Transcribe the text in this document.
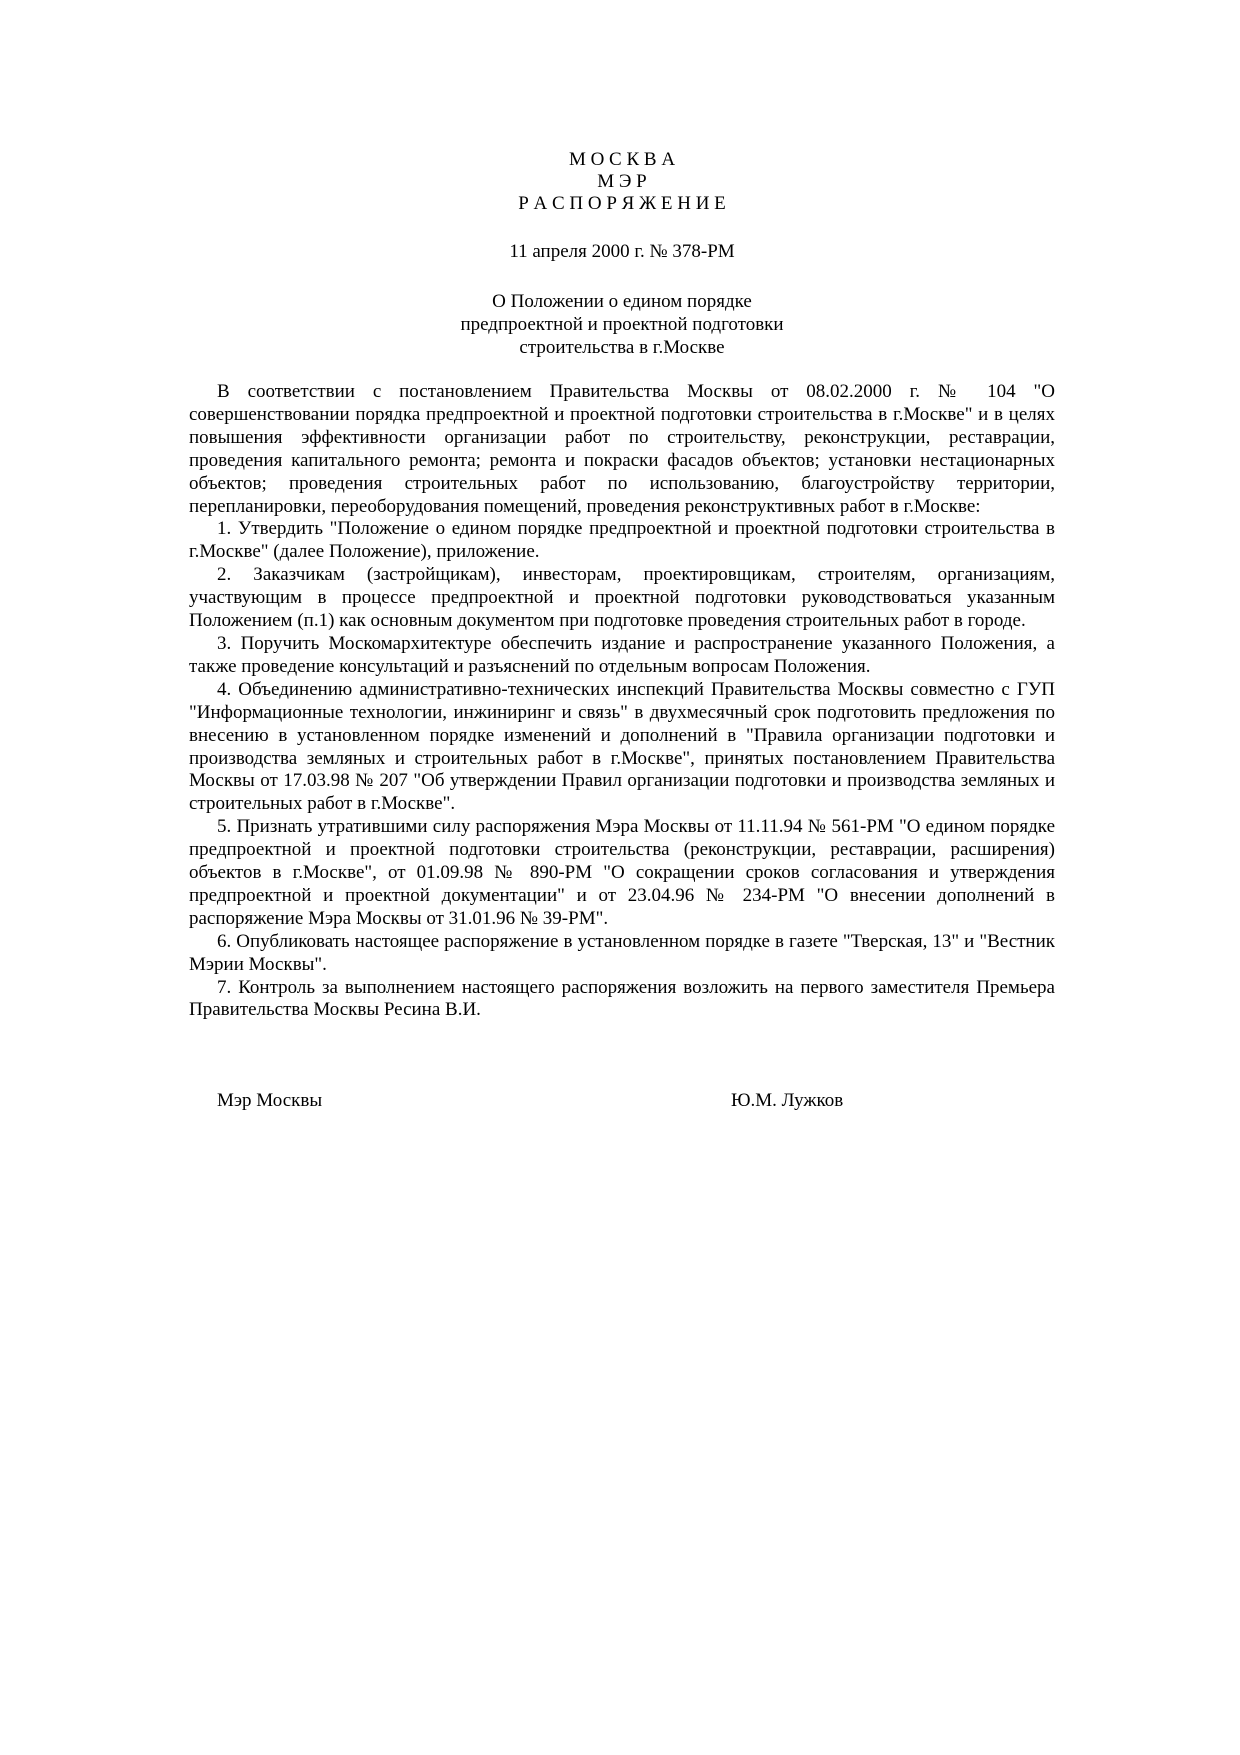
М О С К В А
М Э Р
Р А С П О Р Я Ж Е Н И Е
11 апреля 2000 г. № 378-РМ
О Положении о едином порядке
предпроектной и проектной подготовки
строительства в г.Москве

В соответствии с постановлением Правительства Москвы от 08.02.2000 г. № 104 "О совершенствовании порядка предпроектной и проектной подготовки строительства в г.Москве" и в целях повышения эффективности организации работ по строительству, реконструкции, реставрации, проведения капитального ремонта; ремонта и покраски фасадов объектов; установки нестационарных объектов; проведения строительных работ по использованию, благоустройству территории, перепланировки, переоборудования помещений, проведения реконструктивных работ в г.Москве:

1. Утвердить "Положение о едином порядке предпроектной и проектной подготовки строительства в г.Москве" (далее Положение), приложение.

2. Заказчикам (застройщикам), инвесторам, проектировщикам, строителям, организациям, участвующим в процессе предпроектной и проектной подготовки руководствоваться указанным Положением (п.1) как основным документом при подготовке проведения строительных работ в городе.

3. Поручить Москомархитектуре обеспечить издание и распространение указанного Положения, а также проведение консультаций и разъяснений по отдельным вопросам Положения.

4. Объединению административно-технических инспекций Правительства Москвы совместно с ГУП "Информационные технологии, инжиниринг и связь" в двухмесячный срок подготовить предложения по внесению в установленном порядке изменений и дополнений в "Правила организации подготовки и производства земляных и строительных работ в г.Москве", принятых постановлением Правительства Москвы от 17.03.98 № 207 "Об утверждении Правил организации подготовки и производства земляных и строительных работ в г.Москве".

5. Признать утратившими силу распоряжения Мэра Москвы от 11.11.94 № 561-РМ "О едином порядке предпроектной и проектной подготовки строительства (реконструкции, реставрации, расширения) объектов в г.Москве", от 01.09.98 № 890-РМ "О сокращении сроков согласования и утверждения предпроектной и проектной документации" и от 23.04.96 № 234-РМ "О внесении дополнений в распоряжение Мэра Москвы от 31.01.96 № 39-РМ".

6. Опубликовать настоящее распоряжение в установленном порядке в газете "Тверская, 13" и "Вестник Мэрии Москвы".

7. Контроль за выполнением настоящего распоряжения возложить на первого заместителя Премьера Правительства Москвы Ресина В.И.

Мэр Москвы	Ю.М. Лужков
